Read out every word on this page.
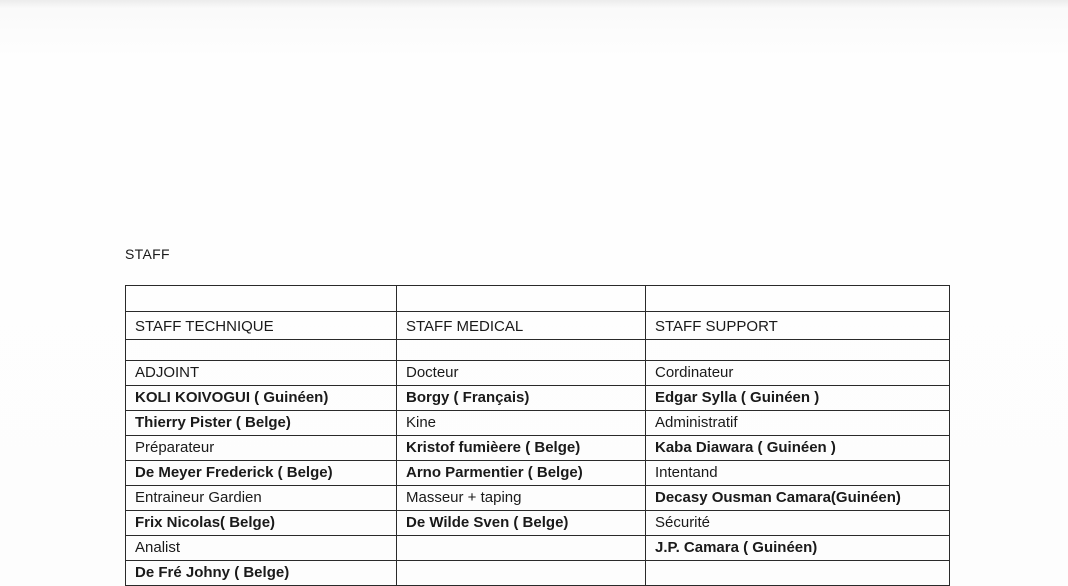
STAFF

STAFF TECHNIQUE	STAFF MEDICAL	STAFF SUPPORT

ADJOINT	Docteur	Cordinateur
KOLI KOIVOGUI ( Guinéen)	Borgy ( Français)	Edgar Sylla ( Guinéen )
Thierry Pister ( Belge)	Kine	Administratif
Préparateur	Kristof fumièere ( Belge)	Kaba Diawara ( Guinéen )
De Meyer Frederick ( Belge)	Arno Parmentier ( Belge)	Intentand
Entraineur Gardien	Masseur + taping	Decasy Ousman Camara(Guinéen)
Frix Nicolas( Belge)	De Wilde Sven ( Belge)	Sécurité
Analist		J.P. Camara ( Guinéen)
De Fré Johny ( Belge)		
